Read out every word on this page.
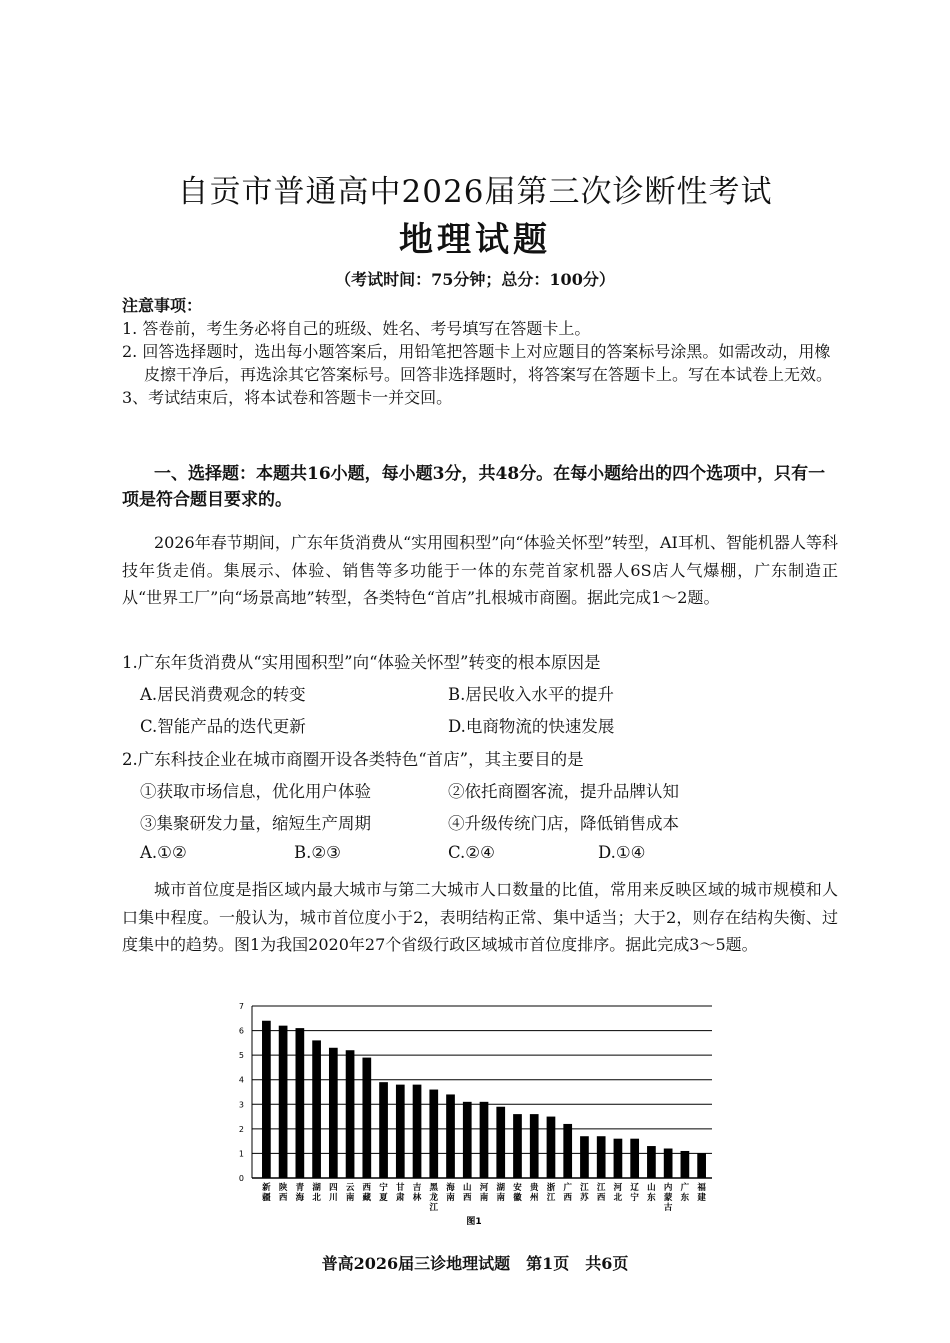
自贡市普通高中2026届第三次诊断性考试
地理试题
（考试时间：75分钟；总分：100分）
注意事项：
1. 答卷前，考生务必将自己的班级、姓名、考号填写在答题卡上。
2. 回答选择题时，选出每小题答案后，用铅笔把答题卡上对应题目的答案标号涂黑。如需改动，用橡皮擦干净后，再选涂其它答案标号。回答非选择题时，将答案写在答题卡上。写在本试卷上无效。
3、考试结束后，将本试卷和答题卡一并交回。
一、选择题：本题共16小题，每小题3分，共48分。在每小题给出的四个选项中，只有一项是符合题目要求的。
2026年春节期间，广东年货消费从“实用囤积型”向“体验关怀型”转型，AI耳机、智能机器人等科技年货走俏。集展示、体验、销售等多功能于一体的东莞首家机器人6S店人气爆棚，广东制造正从“世界工厂”向“场景高地”转型，各类特色“首店”扎根城市商圈。据此完成1～2题。
1.广东年货消费从“实用囤积型”向“体验关怀型”转变的根本原因是
A.居民消费观念的转变	B.居民收入水平的提升
C.智能产品的迭代更新	D.电商物流的快速发展
2.广东科技企业在城市商圈开设各类特色“首店”，其主要目的是
①获取市场信息，优化用户体验	②依托商圈客流，提升品牌认知
③集聚研发力量，缩短生产周期	④升级传统门店，降低销售成本
A.①②	B.②③	C.②④	D.①④
城市首位度是指区域内最大城市与第二大城市人口数量的比值，常用来反映区域的城市规模和人口集中程度。一般认为，城市首位度小于2，表明结构正常、集中适当；大于2，则存在结构失衡、过度集中的趋势。图1为我国2020年27个省级行政区域城市首位度排序。据此完成3～5题。
0
1
2
3
4
5
6
7
新疆
陕西
青海
湖北
四川
云南
西藏
宁夏
甘肃
吉林
黑龙江
海南
山西
河南
湖南
安徽
贵州
浙江
广西
江苏
江西
河北
辽宁
山东
内蒙古
广东
福建
图1
普高2026届三诊地理试题　第1页　共6页
